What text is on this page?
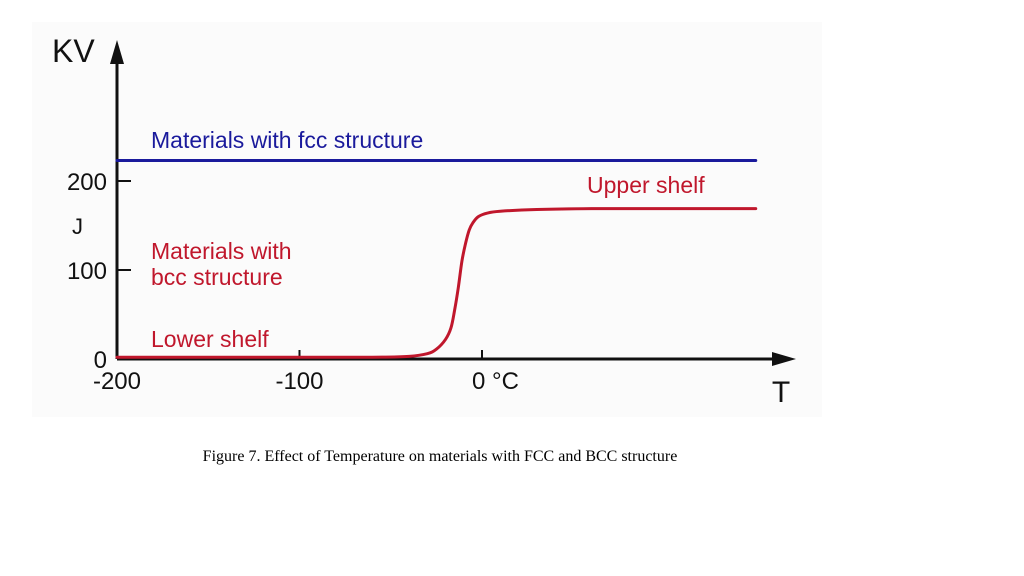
0
100
200
-200	-100	0 °C
KV
J
T
Materials with fcc structure
Upper shelf
Materials with
bcc structure
Lower shelf
Figure 7. Effect of Temperature on materials with FCC and BCC structure
